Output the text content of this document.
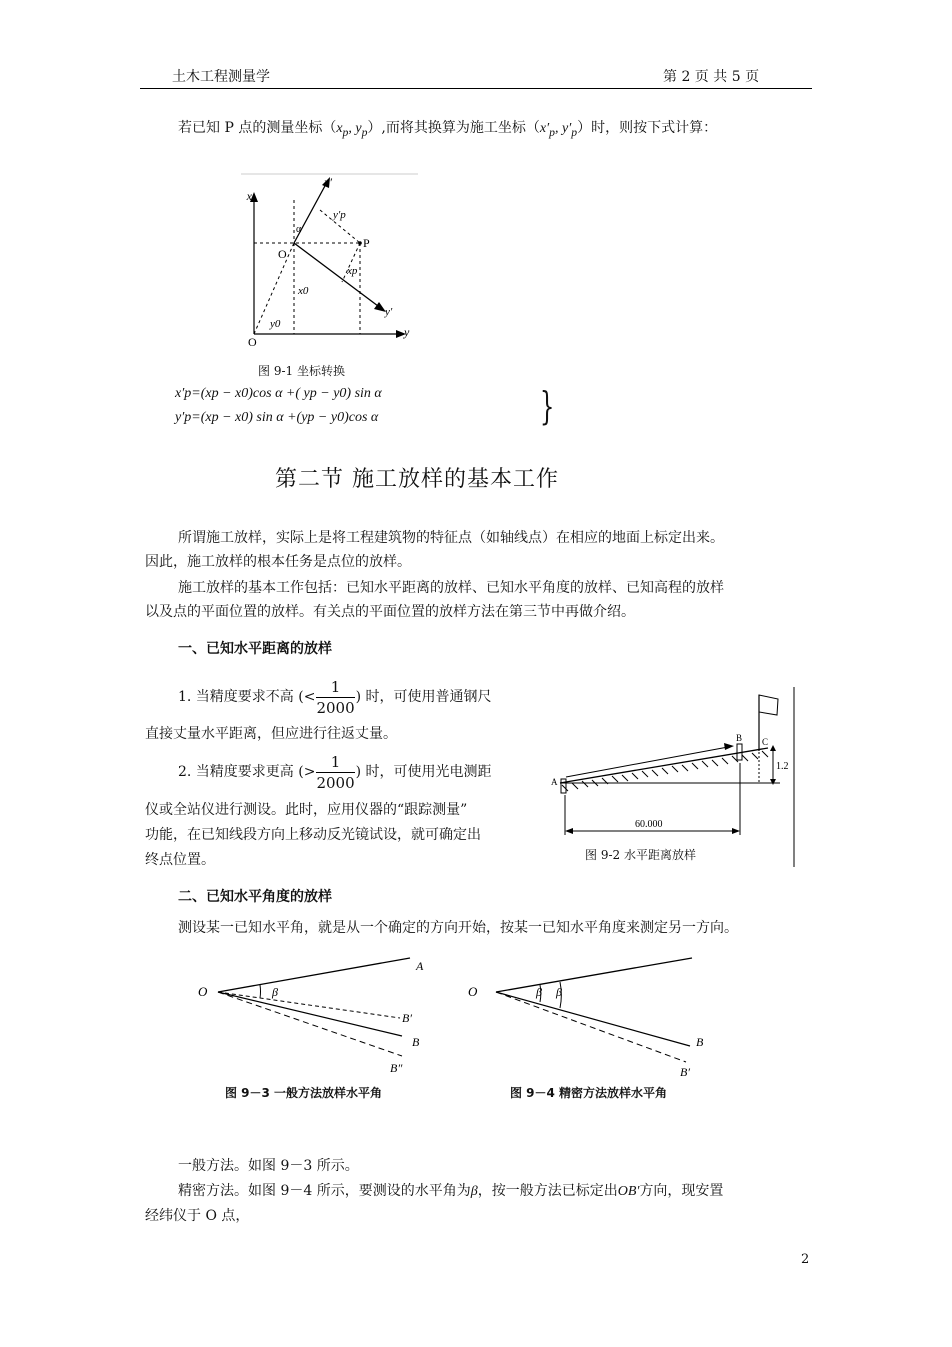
土木工程测量学	第 2 页 共 5 页
若已知 P 点的测量坐标（$x_p$, $y_p$）,而将其换算为施工坐标（$x'_p$, $y'_p$）时，则按下式计算：
x
x′
y′p
α
P
O
xp
x0
y′
y0
O
y
图 9-1 坐标转换
x′p=(xp − x0)cos α +( yp − y0) sin α
y′p=(xp − x0) sin α +(yp − y0)cos α	}
第二节 施工放样的基本工作
所谓施工放样，实际上是将工程建筑物的特征点（如轴线点）在相应的地面上标定出来。
因此，施工放样的根本任务是点位的放样。
施工放样的基本工作包括：已知水平距离的放样、已知水平角度的放样、已知高程的放样
以及点的平面位置的放样。有关点的平面位置的放样方法在第三节中再做介绍。
一、已知水平距离的放样
1. 当精度要求不高 (< $\frac{1}{2000}$ ) 时，可使用普通钢尺
直接丈量水平距离，但应进行往返丈量。
2. 当精度要求更高 (> $\frac{1}{2000}$ ) 时，可使用光电测距
仪或全站仪进行测设。此时，应用仪器的“跟踪测量”
功能，在已知线段方向上移动反光镜试设，就可确定出
终点位置。
1.2
60.000
A
B C
图 9-2 水平距离放样
二、已知水平角度的放样
测设某一已知水平角，就是从一个确定的方向开始，按某一已知水平角度来测定另一方向。
O
A
β
B′
B
B″
图 9－3 一般方法放样水平角
O	β β
B
B′
图 9－4 精密方法放样水平角
一般方法。如图 9－3 所示。
精密方法。如图 9－4 所示，要测设的水平角为β，按一般方法已标定出OB′方向，现安置
经纬仪于 O 点，
2
